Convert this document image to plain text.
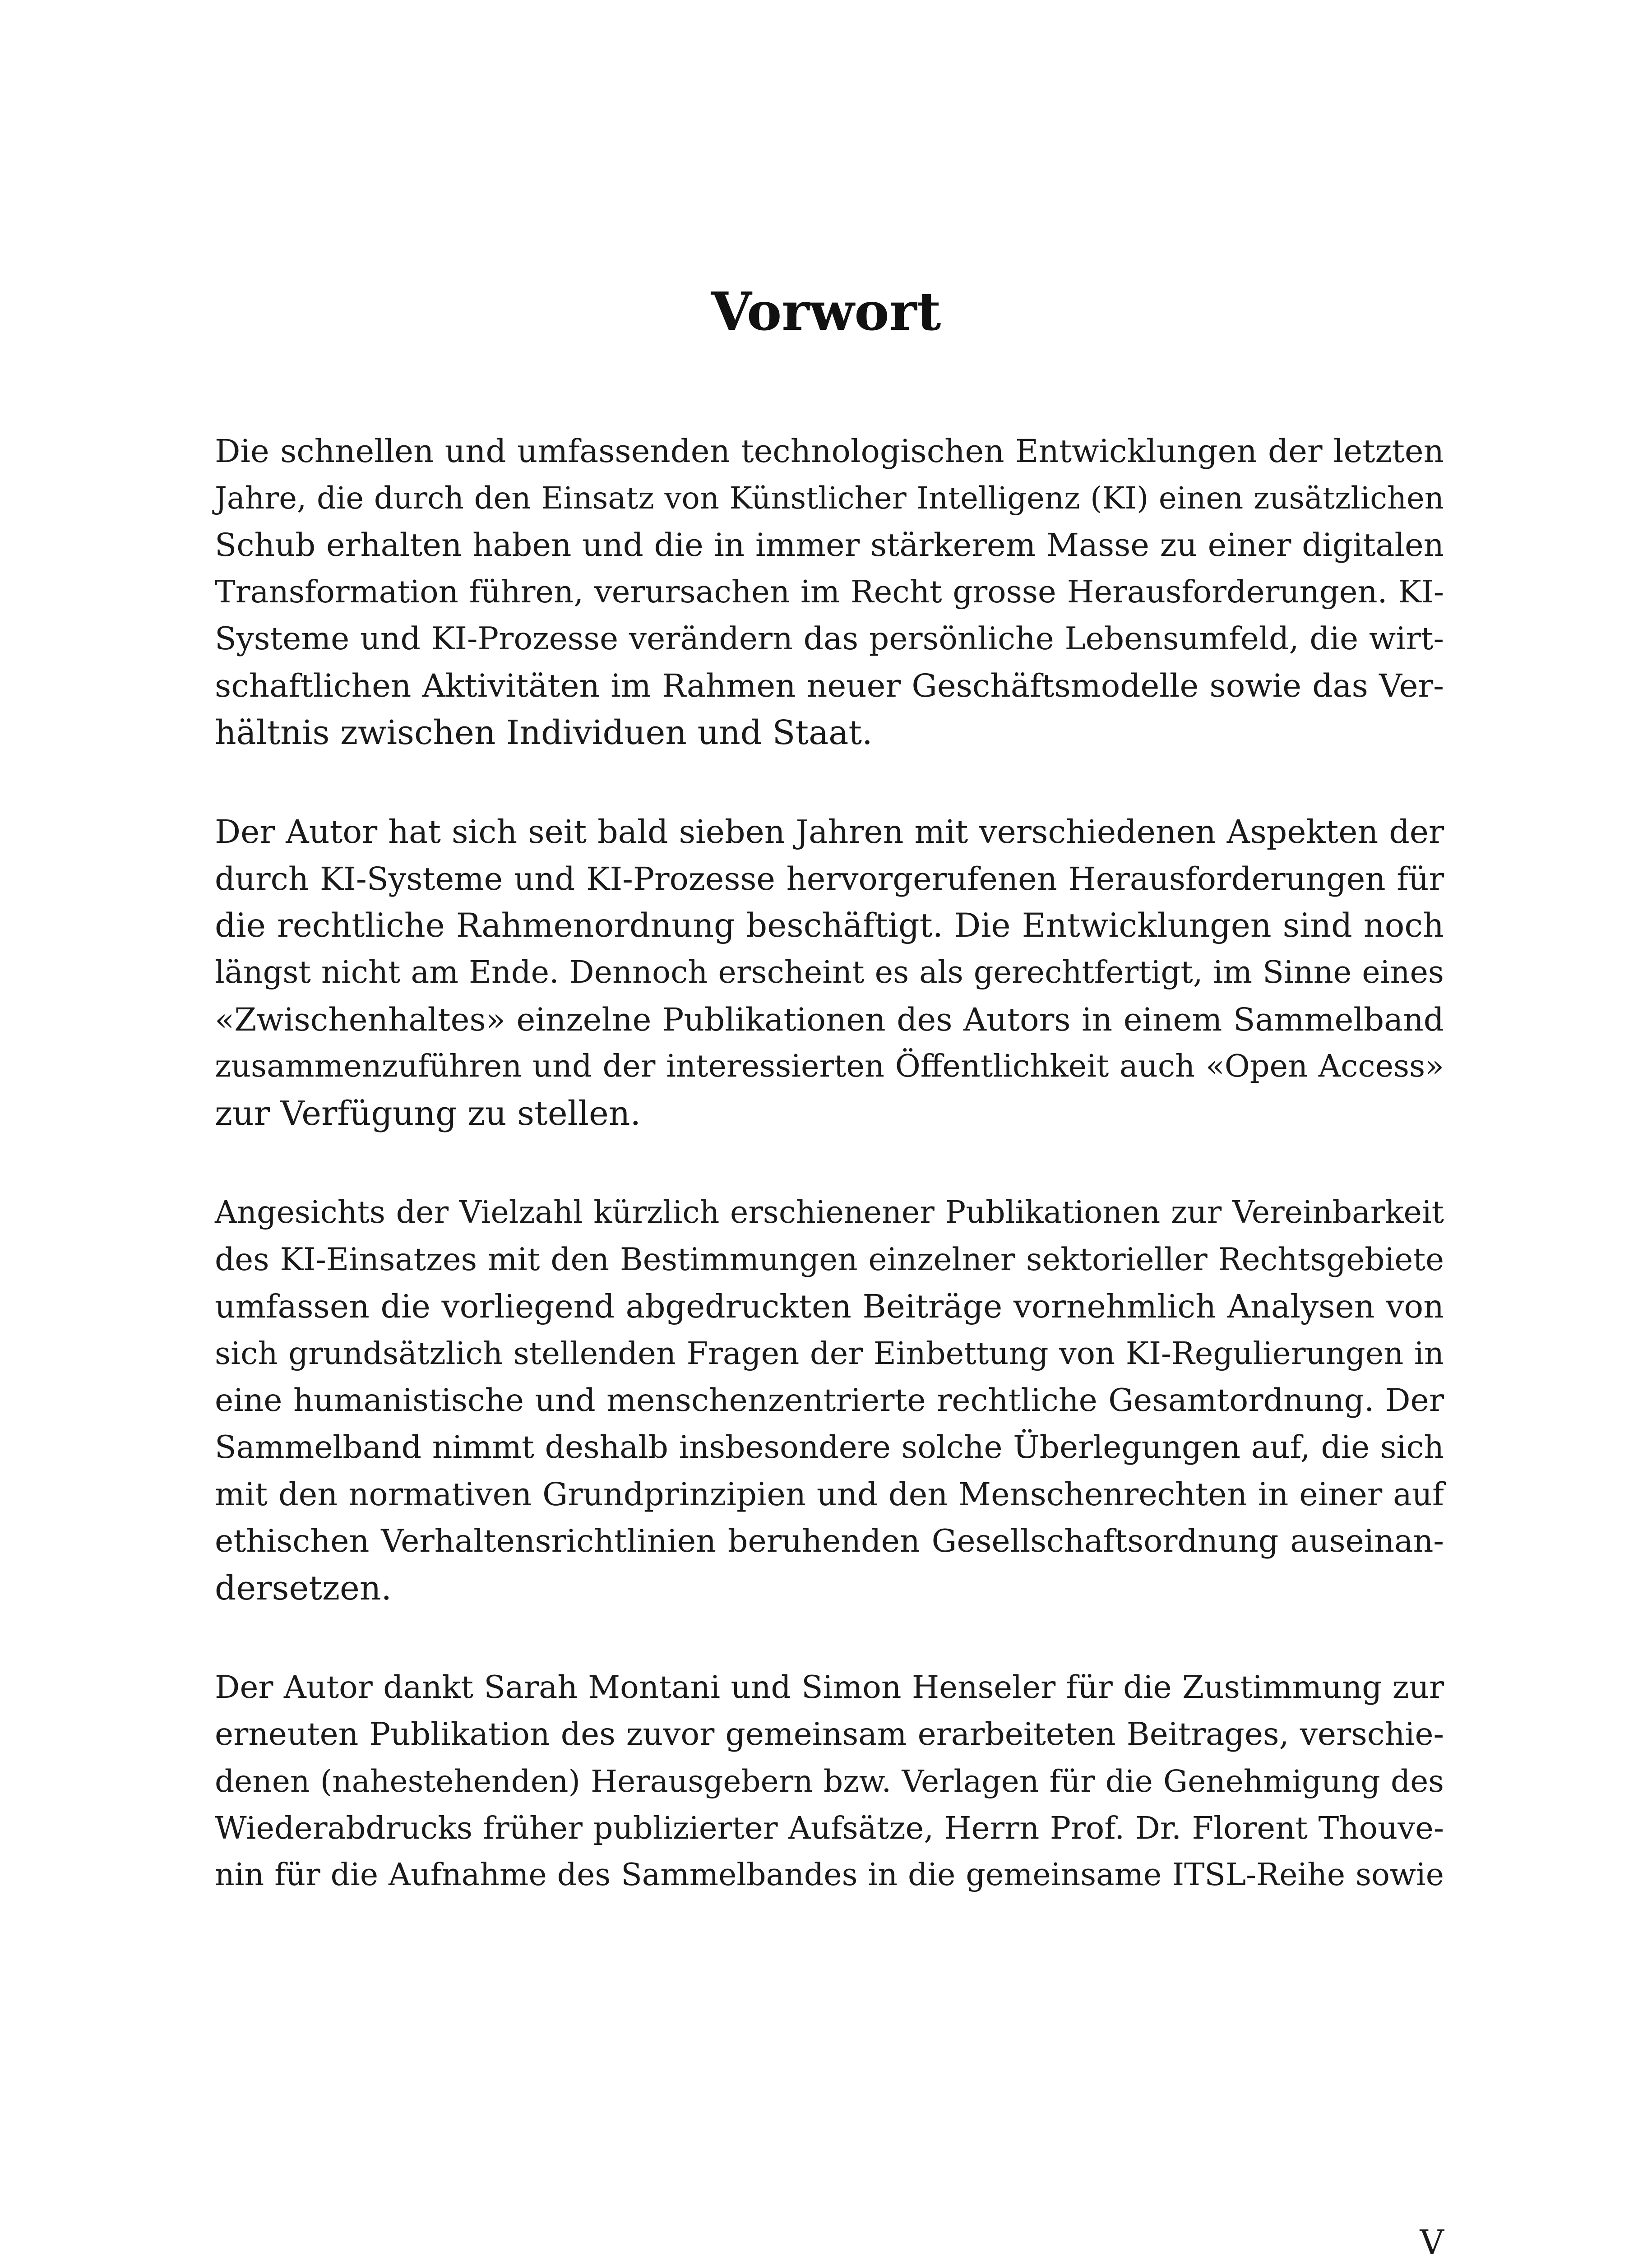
Vorwort

Die schnellen und umfassenden technologischen Entwicklungen der letzten
Jahre, die durch den Einsatz von Künstlicher Intelligenz (KI) einen zusätzlichen
Schub erhalten haben und die in immer stärkerem Masse zu einer digitalen
Transformation führen, verursachen im Recht grosse Herausforderungen. KI-
Systeme und KI-Prozesse verändern das persönliche Lebensumfeld, die wirt-
schaftlichen Aktivitäten im Rahmen neuer Geschäftsmodelle sowie das Ver-
hältnis zwischen Individuen und Staat.

Der Autor hat sich seit bald sieben Jahren mit verschiedenen Aspekten der
durch KI-Systeme und KI-Prozesse hervorgerufenen Herausforderungen für
die rechtliche Rahmenordnung beschäftigt. Die Entwicklungen sind noch
längst nicht am Ende. Dennoch erscheint es als gerechtfertigt, im Sinne eines
«Zwischenhaltes» einzelne Publikationen des Autors in einem Sammelband
zusammenzuführen und der interessierten Öffentlichkeit auch «Open Access»
zur Verfügung zu stellen.

Angesichts der Vielzahl kürzlich erschienener Publikationen zur Vereinbarkeit
des KI-Einsatzes mit den Bestimmungen einzelner sektorieller Rechtsgebiete
umfassen die vorliegend abgedruckten Beiträge vornehmlich Analysen von
sich grundsätzlich stellenden Fragen der Einbettung von KI-Regulierungen in
eine humanistische und menschenzentrierte rechtliche Gesamtordnung. Der
Sammelband nimmt deshalb insbesondere solche Überlegungen auf, die sich
mit den normativen Grundprinzipien und den Menschenrechten in einer auf
ethischen Verhaltensrichtlinien beruhenden Gesellschaftsordnung auseinan-
dersetzen.

Der Autor dankt Sarah Montani und Simon Henseler für die Zustimmung zur
erneuten Publikation des zuvor gemeinsam erarbeiteten Beitrages, verschie-
denen (nahestehenden) Herausgebern bzw. Verlagen für die Genehmigung des
Wiederabdrucks früher publizierter Aufsätze, Herrn Prof. Dr. Florent Thouve-
nin für die Aufnahme des Sammelbandes in die gemeinsame ITSL-Reihe sowie

V
